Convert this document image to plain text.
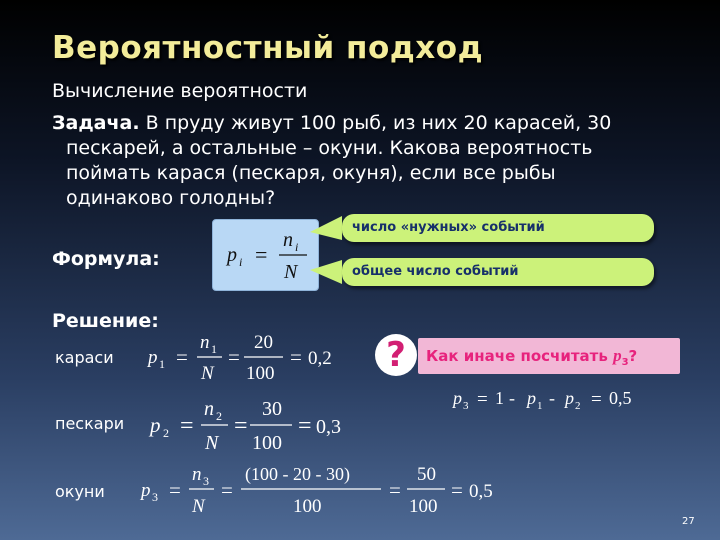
Вероятностный подход
Вычисление вероятности
Задача. В пруду живут 100 рыб, из них 20 карасей, 30 пескарей, а остальные – окуни. Какова вероятность поймать карася (пескаря, окуня), если все рыбы одинаково голодны?
Формула:
Решение:
p i =
n i
N
число «нужных» событий
общее число событий
караси
пескари
окуни
p 1 =
n 1
N
=
20
100
= 0,2
p 2 =
n 2
N
=
30
100
= 0,3
p 3 =
n 3
N
=
(100 - 20 - 30)
100
=
50
100
= 0,5
?	Как иначе посчитать $p_3$?
p 3 = 1 - p 1 - p 2 = 0,5
27
